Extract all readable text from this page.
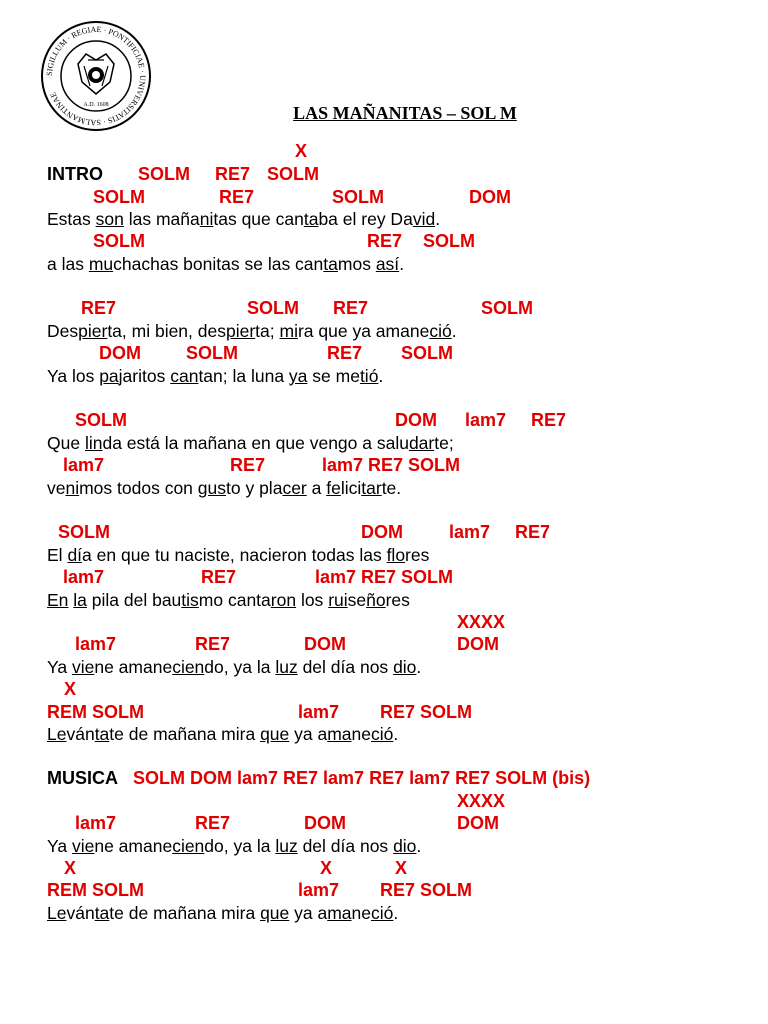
SIGILLUM · REGIAE · PONTIFICIAE · UNIVERSITATIS · SALMANTINAE
A.D. 1608	LAS MAÑANITAS – SOL M
X
INTRO SOLM RE7 SOLM
SOLM	RE7	SOLM	DOM
Estas son las mañanitas que cantaba el rey David.
SOLM	RE7 SOLM
a las muchachas bonitas se las cantamos así.
RE7	SOLM RE7	SOLM
Despierta, mi bien, despierta; mira que ya amaneció.
DOM	SOLM	RE7 SOLM
Ya los pajaritos cantan; la luna ya se metió.
SOLM	DOM lam7 RE7
Que linda está la mañana en que vengo a saludarte;
lam7	RE7	lam7 RE7 SOLM
venimos todos con gusto y placer a felicitarte.
SOLM	DOM	lam7 RE7
El día en que tu naciste, nacieron todas las flores
lam7	RE7	lam7 RE7 SOLM
En la pila del bautismo cantaron los ruiseñores
XXXX
lam7	RE7	DOM	DOM
Ya viene amaneciendo, ya la luz del día nos dio.
X
REM SOLM	lam7 RE7 SOLM
Levántate de mañana mira que ya amaneció.
MUSICA SOLM DOM lam7 RE7 lam7 RE7 lam7 RE7 SOLM (bis)
XXXX
lam7	RE7	DOM	DOM
Ya viene amaneciendo, ya la luz del día nos dio.
X	X	X
REM SOLM	lam7 RE7 SOLM
Levántate de mañana mira que ya amaneció.
